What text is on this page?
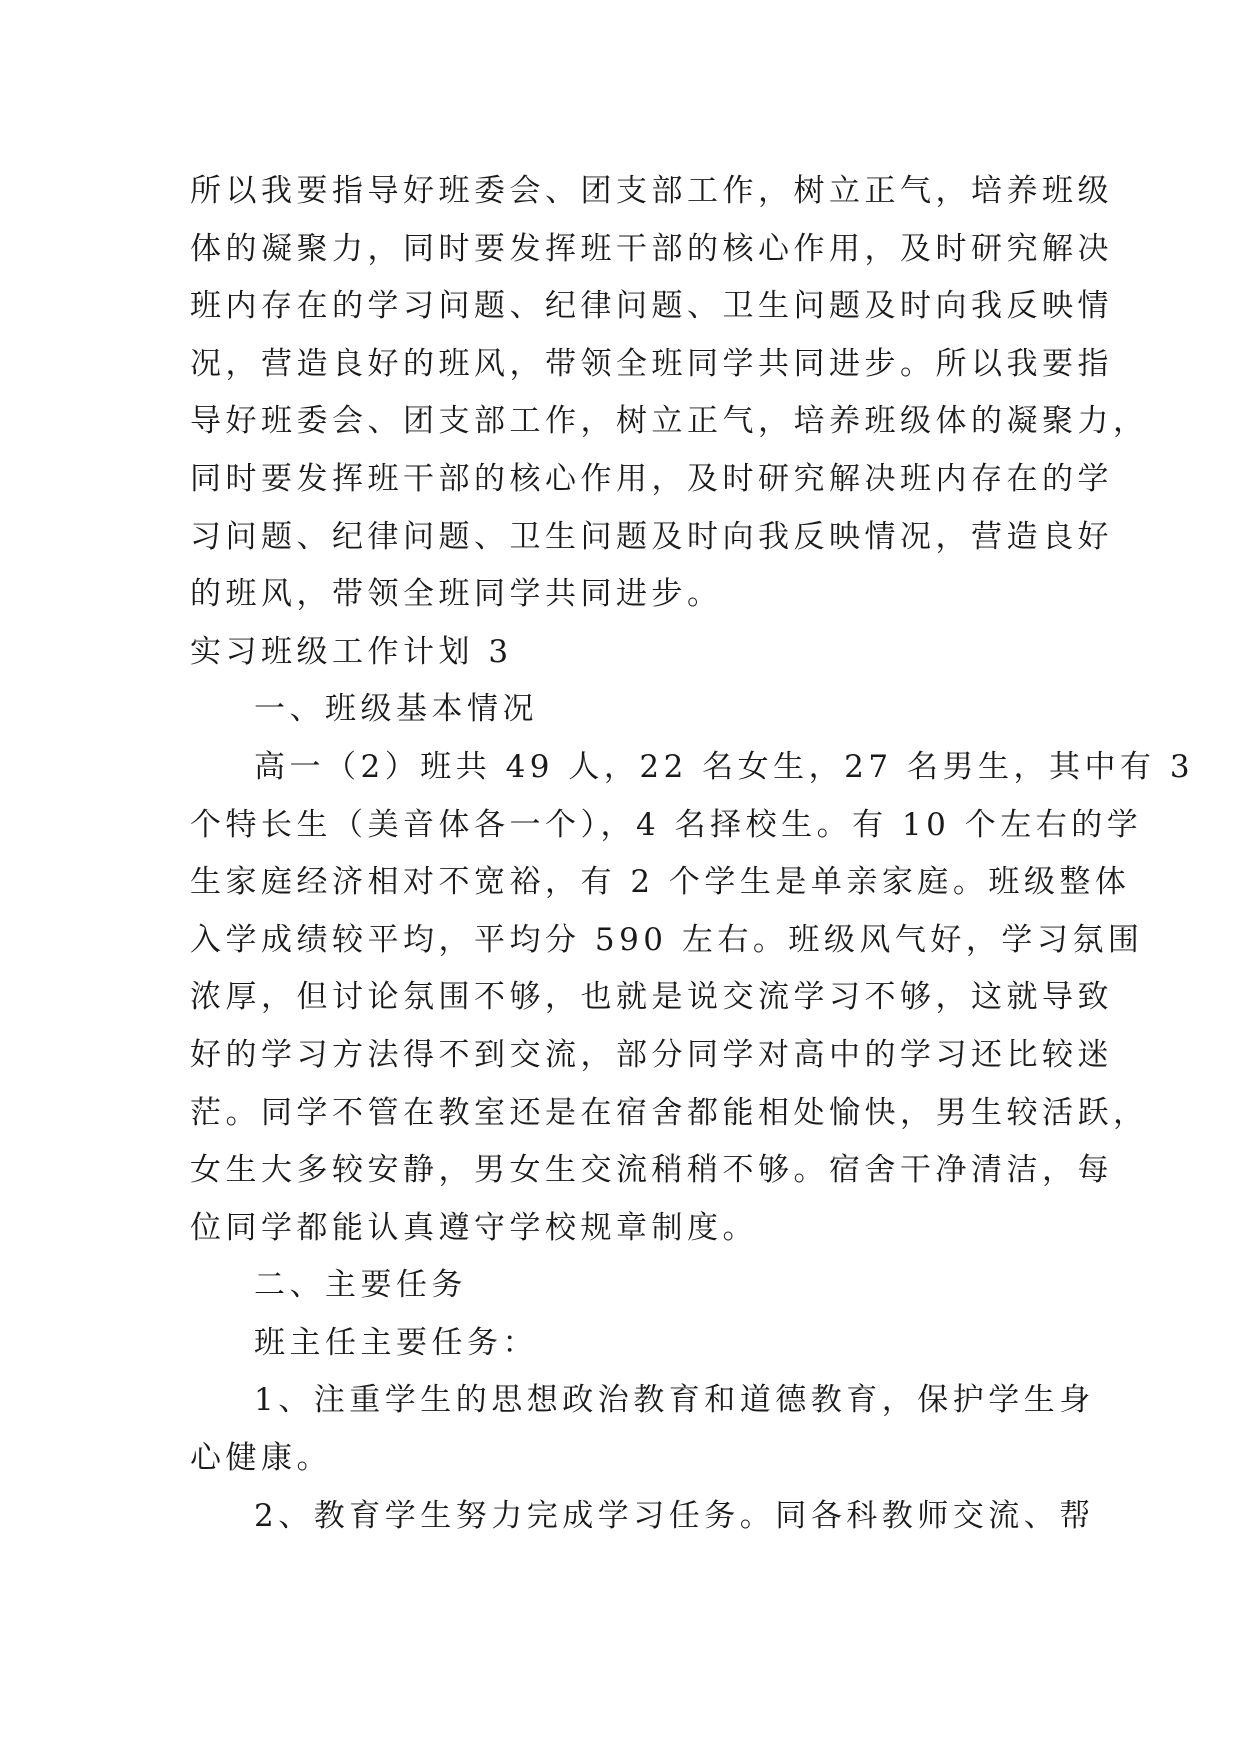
所以我要指导好班委会、团支部工作，树立正气，培养班级
体的凝聚力，同时要发挥班干部的核心作用，及时研究解决
班内存在的学习问题、纪律问题、卫生问题及时向我反映情
况，营造良好的班风，带领全班同学共同进步。所以我要指
导好班委会、团支部工作，树立正气，培养班级体的凝聚力，
同时要发挥班干部的核心作用，及时研究解决班内存在的学
习问题、纪律问题、卫生问题及时向我反映情况，营造良好
的班风，带领全班同学共同进步。
实习班级工作计划 3
一、班级基本情况
高一（2）班共 49 人，22 名女生，27 名男生，其中有 3
个特长生（美音体各一个），4 名择校生。有 10 个左右的学
生家庭经济相对不宽裕，有 2 个学生是单亲家庭。班级整体
入学成绩较平均，平均分 590 左右。班级风气好，学习氛围
浓厚，但讨论氛围不够，也就是说交流学习不够，这就导致
好的学习方法得不到交流，部分同学对高中的学习还比较迷
茫。同学不管在教室还是在宿舍都能相处愉快，男生较活跃，
女生大多较安静，男女生交流稍稍不够。宿舍干净清洁，每
位同学都能认真遵守学校规章制度。
二、主要任务
班主任主要任务：
1、注重学生的思想政治教育和道德教育，保护学生身
心健康。
2、教育学生努力完成学习任务。同各科教师交流、帮
